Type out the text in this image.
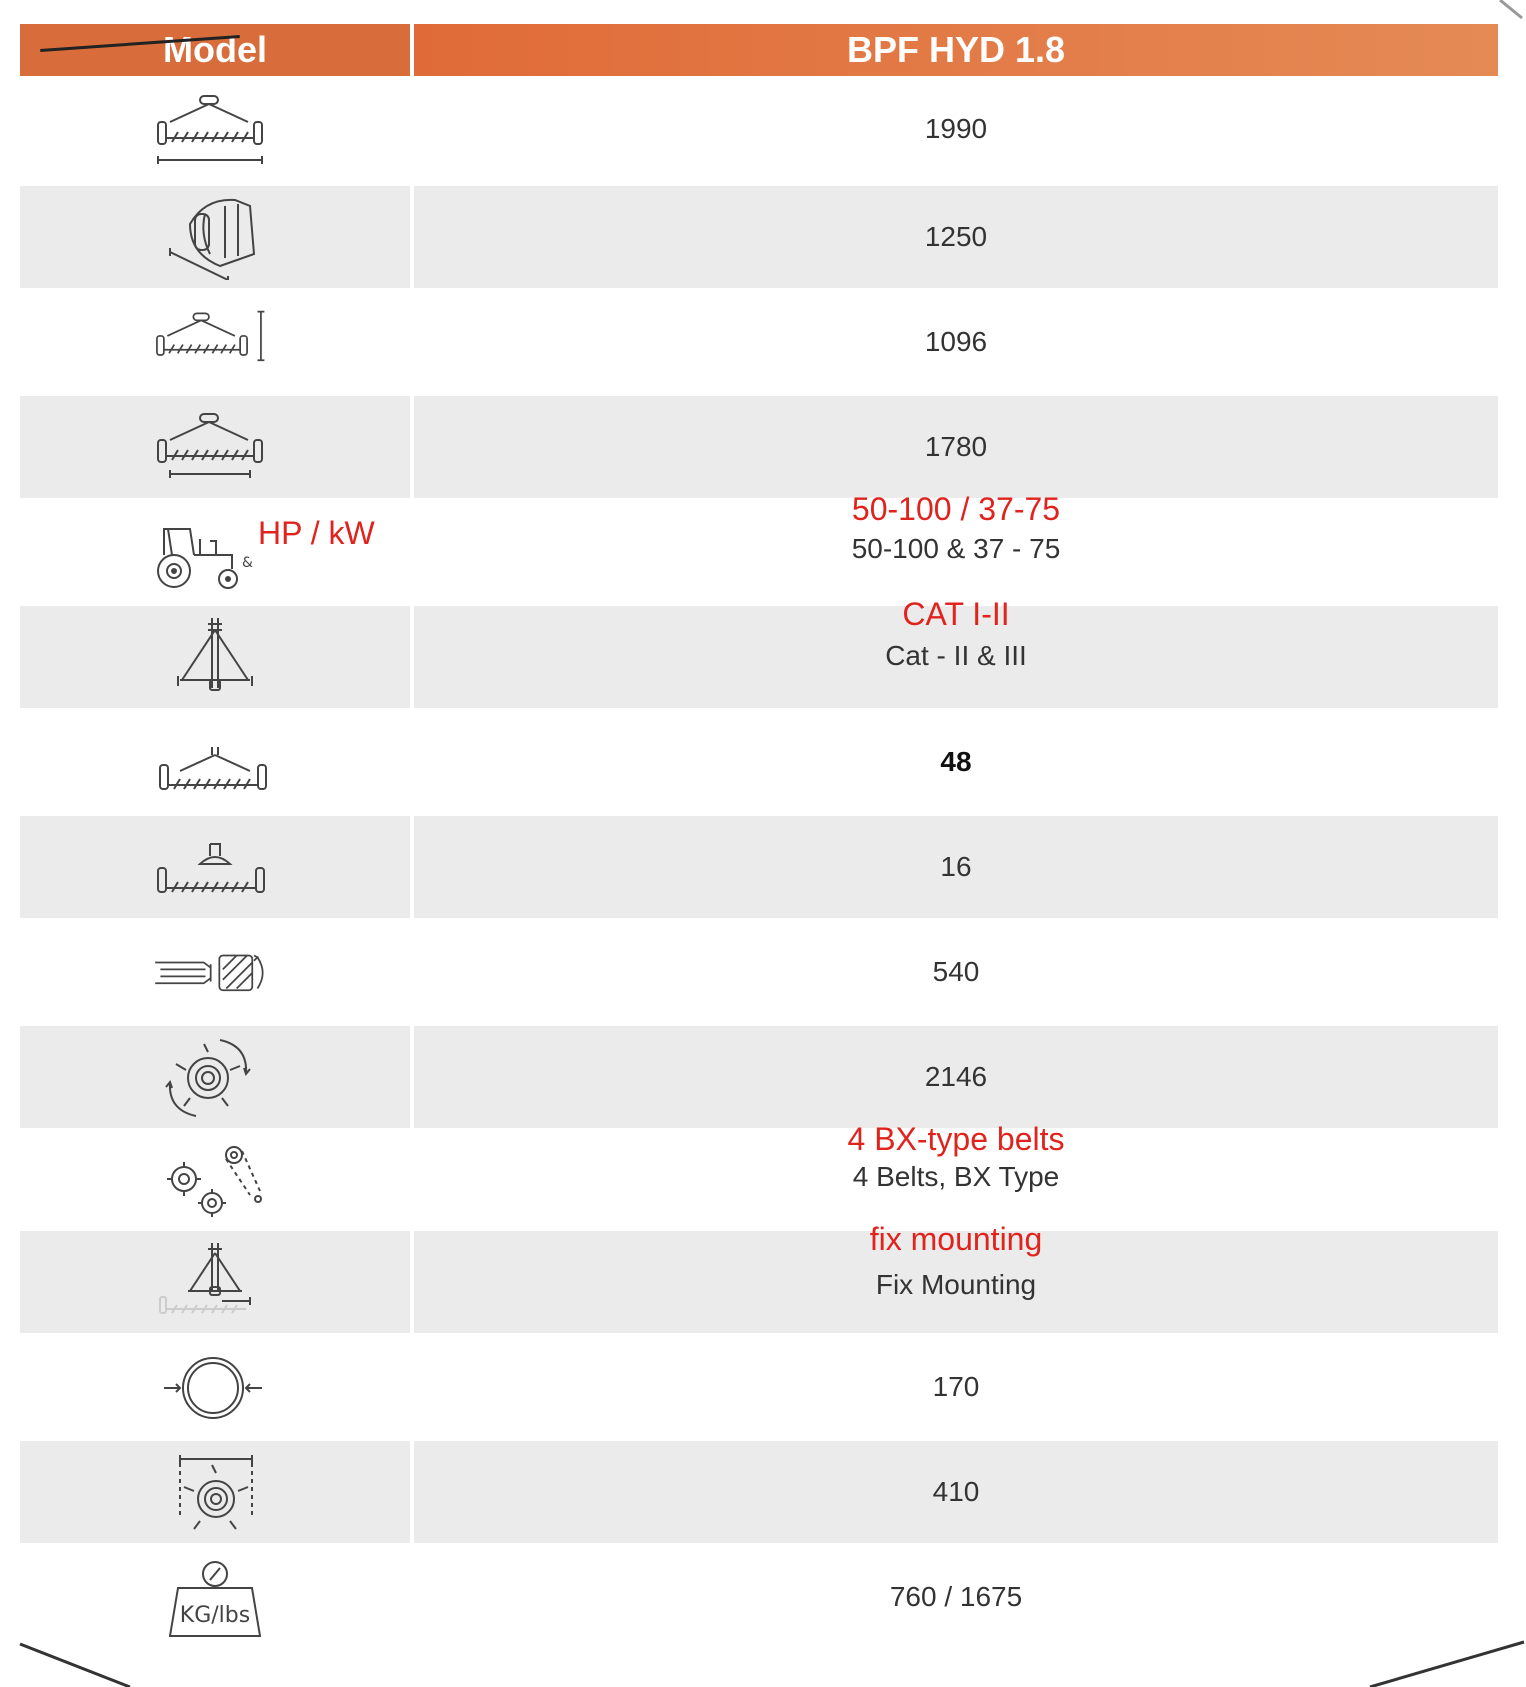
Model	BPF HYD 1.8
1990
1250
1096
1780
&
HP / kW
50-100 / 37-75
50-100 & 37 - 75
CAT I-II
Cat - II & III
48
16
540
2146
4 BX-type belts
4 Belts, BX Type
fix mounting
Fix Mounting
170
410
KG/lbs
760 / 1675
